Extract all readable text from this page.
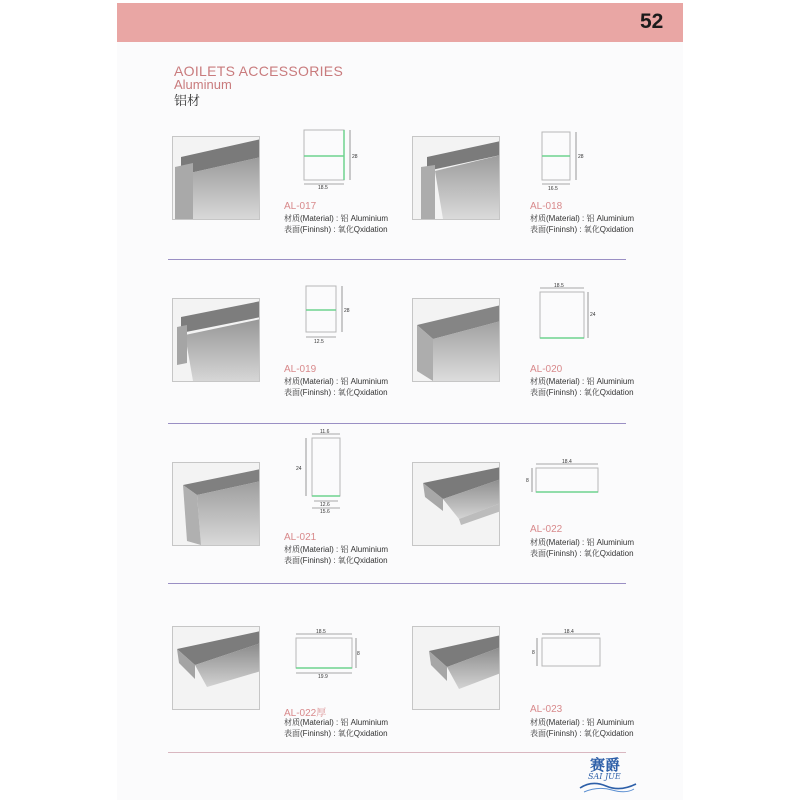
52
AOILETS ACCESSORIES
Aluminum
铝材
18.5
28
AL-017
材质(Material) : 铝 Aluminium
表面(Fininsh) : 氧化Qxidation
16.5
28
AL-018
材质(Material) : 铝 Aluminium
表面(Fininsh) : 氧化Qxidation
12.5
28
AL-019
材质(Material) : 铝 Aluminium
表面(Fininsh) : 氧化Qxidation
18.5
24
AL-020
材质(Material) : 铝 Aluminium
表面(Fininsh) : 氧化Qxidation
11.6
24
12.6
15.6
AL-021
材质(Material) : 铝 Aluminium
表面(Fininsh) : 氧化Qxidation
18.4
8
AL-022
材质(Material) : 铝 Aluminium
表面(Fininsh) : 氧化Qxidation
18.5
8
19.9
AL-022厚
材质(Material) : 铝 Aluminium
表面(Fininsh) : 氧化Qxidation
18.4
8
AL-023
材质(Material) : 铝 Aluminium
表面(Fininsh) : 氧化Qxidation
赛爵
SAI JUE
